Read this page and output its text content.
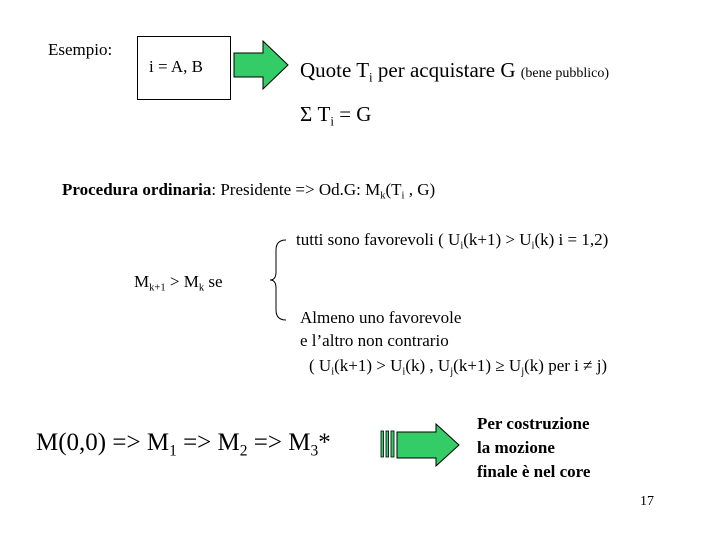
Esempio:
i = A, B	Quote $T_i$ per acquistare G (bene pubblico)
Σ $T_i = G$
Procedura ordinaria: Presidente => Od.G: $M_k(T_i$ , G)
tutti sono favorevoli ( $U_i(k+1) > U_i(k) i = 1,2$)
$M_{k+1} > M_k$ se
Almeno uno favorevole
e l’altro non contrario
( $U_i(k+1) > U_i(k)$ , $U_j(k+1) \ge U_j(k)$ per i ≠ j)
$M(0,0) => M_1 => M_2 => M_3*$
Per costruzione
la mozione
finale è nel core
17
